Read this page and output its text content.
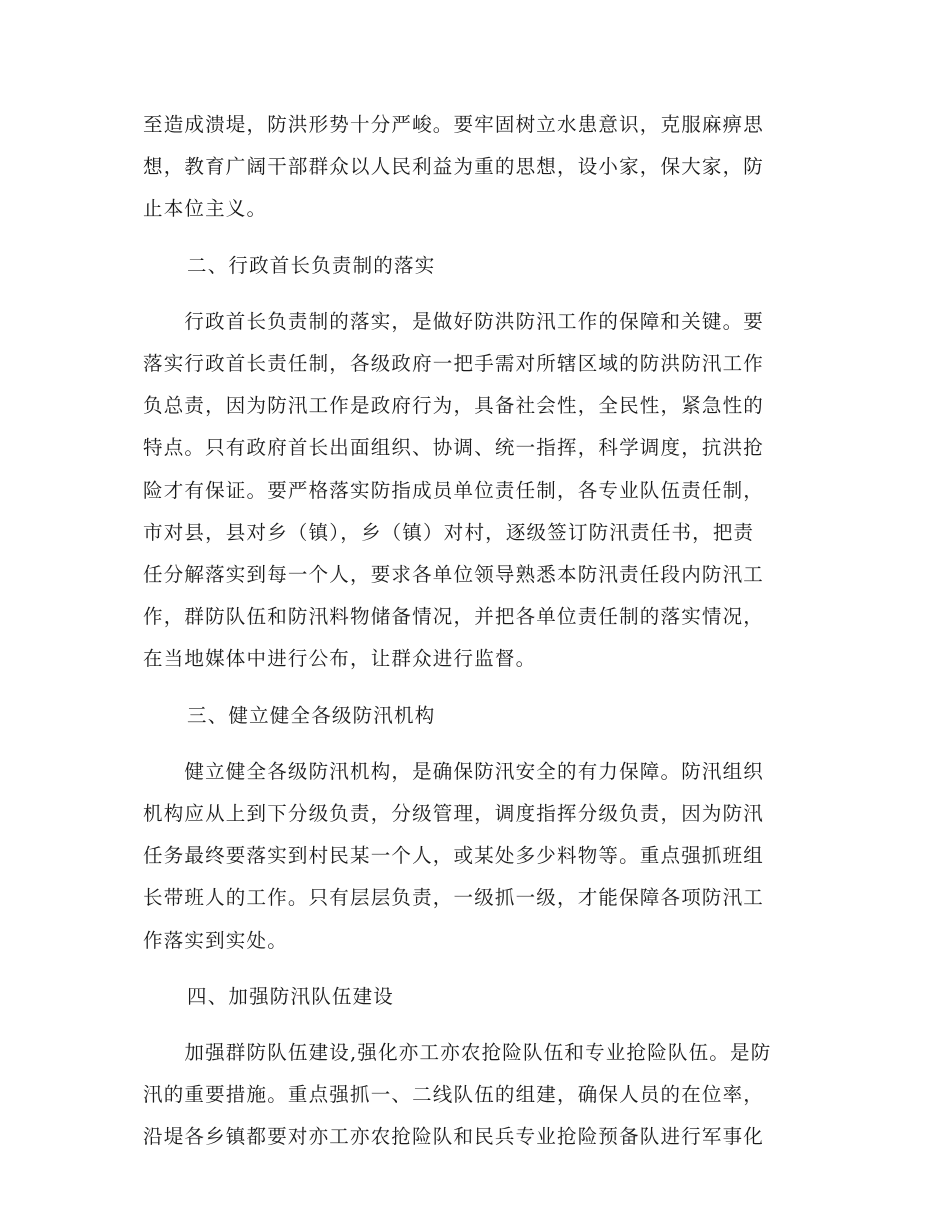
至造成溃堤，防洪形势十分严峻。要牢固树立水患意识，克服麻痹思
想，教育广阔干部群众以人民利益为重的思想，设小家，保大家，防
止本位主义。
二、行政首长负责制的落实
　　行政首长负责制的落实，是做好防洪防汛工作的保障和关键。要
落实行政首长责任制，各级政府一把手需对所辖区域的防洪防汛工作
负总责，因为防汛工作是政府行为，具备社会性，全民性，紧急性的
特点。只有政府首长出面组织、协调、统一指挥，科学调度，抗洪抢
险才有保证。要严格落实防指成员单位责任制，各专业队伍责任制，
市对县，县对乡（镇），乡（镇）对村，逐级签订防汛责任书，把责
任分解落实到每一个人，要求各单位领导熟悉本防汛责任段内防汛工
作，群防队伍和防汛料物储备情况，并把各单位责任制的落实情况，
在当地媒体中进行公布，让群众进行监督。
三、健立健全各级防汛机构
　　健立健全各级防汛机构，是确保防汛安全的有力保障。防汛组织
机构应从上到下分级负责，分级管理，调度指挥分级负责，因为防汛
任务最终要落实到村民某一个人，或某处多少料物等。重点强抓班组
长带班人的工作。只有层层负责，一级抓一级，才能保障各项防汛工
作落实到实处。
四、加强防汛队伍建设
　　加强群防队伍建设,强化亦工亦农抢险队伍和专业抢险队伍。是防
汛的重要措施。重点强抓一、二线队伍的组建，确保人员的在位率，
沿堤各乡镇都要对亦工亦农抢险队和民兵专业抢险预备队进行军事化
